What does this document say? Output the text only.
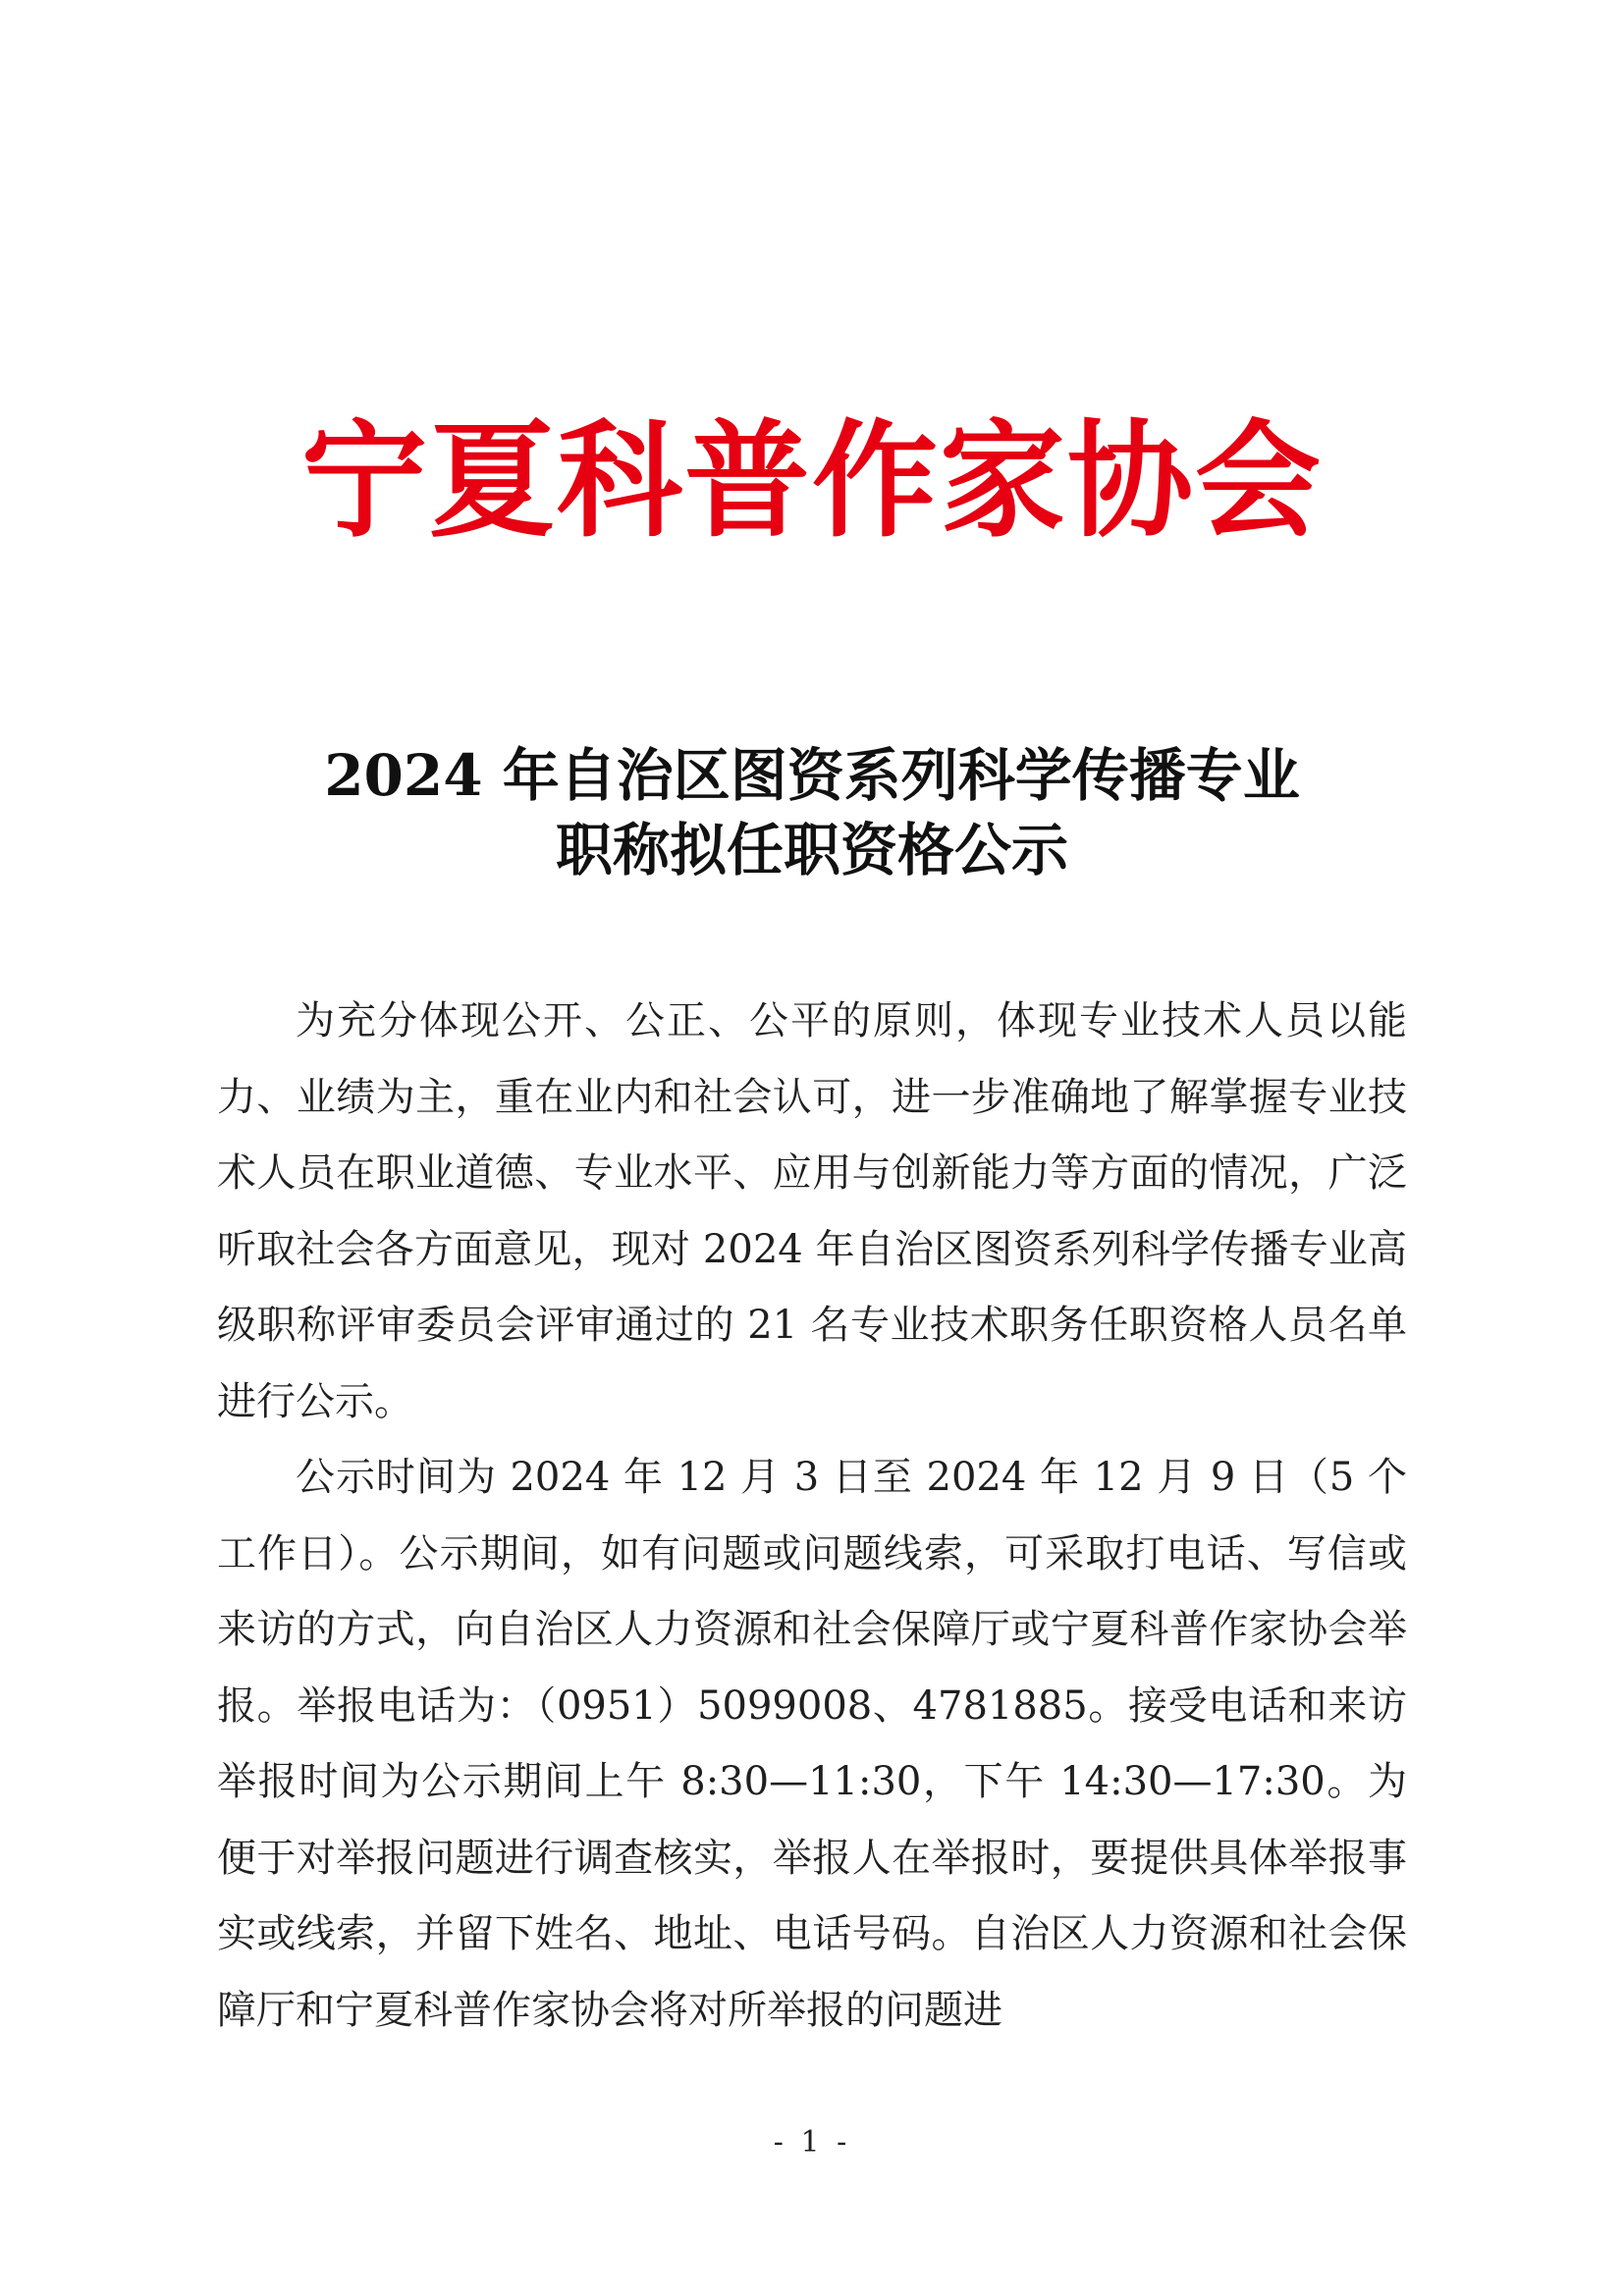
宁夏科普作家协会
2024 年自治区图资系列科学传播专业
职称拟任职资格公示

为充分体现公开、公正、公平的原则，体现专业技术人员以能力、业绩为主，重在业内和社会认可，进一步准确地了解掌握专业技术人员在职业道德、专业水平、应用与创新能力等方面的情况，广泛听取社会各方面意见，现对 2024 年自治区图资系列科学传播专业高级职称评审委员会评审通过的 21 名专业技术职务任职资格人员名单进行公示。

公示时间为 2024 年 12 月 3 日至 2024 年 12 月 9 日（5 个工作日）。公示期间，如有问题或问题线索，可采取打电话、写信或来访的方式，向自治区人力资源和社会保障厅或宁夏科普作家协会举报。举报电话为：（0951）5099008、4781885。接受电话和来访举报时间为公示期间上午 8:30—11:30，下午 14:30—17:30。为便于对举报问题进行调查核实，举报人在举报时，要提供具体举报事实或线索，并留下姓名、地址、电话号码。自治区人力资源和社会保障厅和宁夏科普作家协会将对所举报的问题进

- 1 -
